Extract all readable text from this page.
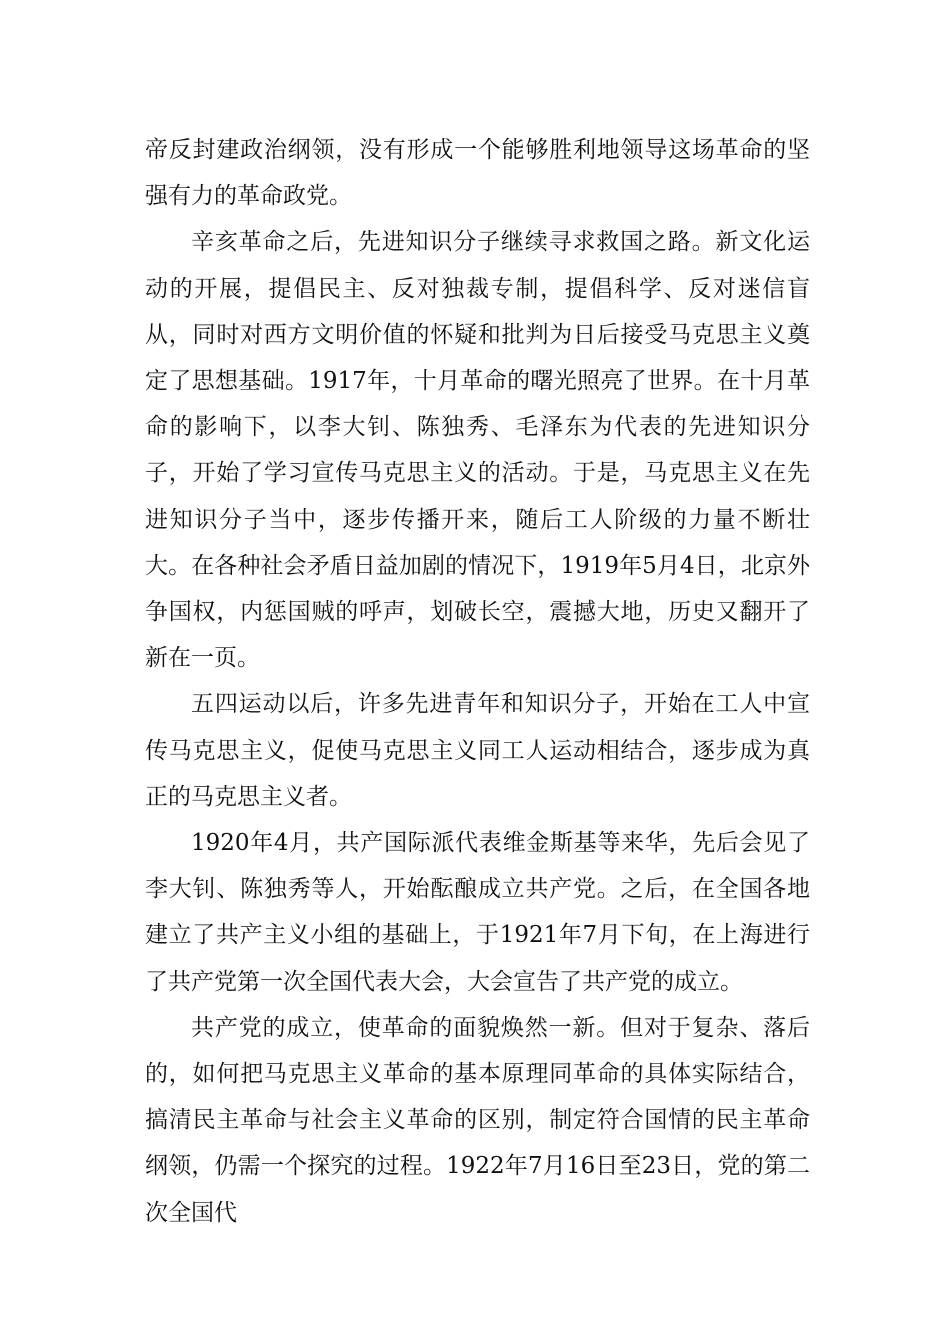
帝反封建政治纲领，没有形成一个能够胜利地领导这场革命的坚强有力的革命政党。

辛亥革命之后，先进知识分子继续寻求救国之路。新文化运动的开展，提倡民主、反对独裁专制，提倡科学、反对迷信盲从，同时对西方文明价值的怀疑和批判为日后接受马克思主义奠定了思想基础。1917年，十月革命的曙光照亮了世界。在十月革命的影响下，以李大钊、陈独秀、毛泽东为代表的先进知识分子，开始了学习宣传马克思主义的活动。于是，马克思主义在先进知识分子当中，逐步传播开来，随后工人阶级的力量不断壮大。在各种社会矛盾日益加剧的情况下，1919年5月4日，北京外争国权，内惩国贼的呼声，划破长空，震撼大地，历史又翻开了新在一页。

五四运动以后，许多先进青年和知识分子，开始在工人中宣传马克思主义，促使马克思主义同工人运动相结合，逐步成为真正的马克思主义者。

1920年4月，共产国际派代表维金斯基等来华，先后会见了李大钊、陈独秀等人，开始酝酿成立共产党。之后，在全国各地建立了共产主义小组的基础上，于1921年7月下旬，在上海进行了共产党第一次全国代表大会，大会宣告了共产党的成立。

共产党的成立，使革命的面貌焕然一新。但对于复杂、落后的，如何把马克思主义革命的基本原理同革命的具体实际结合，搞清民主革命与社会主义革命的区别，制定符合国情的民主革命纲领，仍需一个探究的过程。1922年7月16日至23日，党的第二次全国代
